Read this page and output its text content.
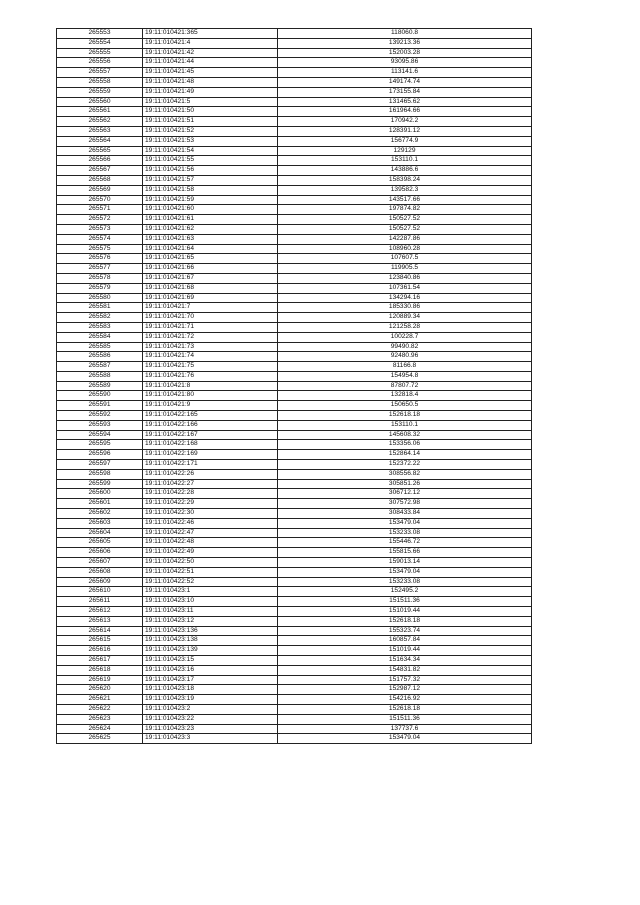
265553	19:11:010421:365	118060.8
265554	19:11:010421:4	139213.36
265555	19:11:010421:42	152003.28
265556	19:11:010421:44	93095.86
265557	19:11:010421:45	113141.6
265558	19:11:010421:48	149174.74
265559	19:11:010421:49	173155.84
265560	19:11:010421:5	131465.62
265561	19:11:010421:50	161964.66
265562	19:11:010421:51	170942.2
265563	19:11:010421:52	128391.12
265564	19:11:010421:53	156774.9
265565	19:11:010421:54	129129
265566	19:11:010421:55	153110.1
265567	19:11:010421:56	143886.6
265568	19:11:010421:57	158398.24
265569	19:11:010421:58	139582.3
265570	19:11:010421:59	143517.66
265571	19:11:010421:60	197874.82
265572	19:11:010421:61	150527.52
265573	19:11:010421:62	150527.52
265574	19:11:010421:63	142287.86
265575	19:11:010421:64	108960.28
265576	19:11:010421:65	107607.5
265577	19:11:010421:66	119905.5
265578	19:11:010421:67	123840.86
265579	19:11:010421:68	107361.54
265580	19:11:010421:69	134294.16
265581	19:11:010421:7	185330.86
265582	19:11:010421:70	120889.34
265583	19:11:010421:71	121258.28
265584	19:11:010421:72	100228.7
265585	19:11:010421:73	99490.82
265586	19:11:010421:74	92480.96
265587	19:11:010421:75	81166.8
265588	19:11:010421:76	154954.8
265589	19:11:010421:8	87807.72
265590	19:11:010421:80	132818.4
265591	19:11:010421:9	150650.5
265592	19:11:010422:165	152618.18
265593	19:11:010422:166	153110.1
265594	19:11:010422:167	145608.32
265595	19:11:010422:168	153356.06
265596	19:11:010422:169	152864.14
265597	19:11:010422:171	152372.22
265598	19:11:010422:26	308556.82
265599	19:11:010422:27	305851.26
265600	19:11:010422:28	306712.12
265601	19:11:010422:29	307572.98
265602	19:11:010422:30	308433.84
265603	19:11:010422:46	153479.04
265604	19:11:010422:47	153233.08
265605	19:11:010422:48	155446.72
265606	19:11:010422:49	155815.66
265607	19:11:010422:50	159013.14
265608	19:11:010422:51	153479.04
265609	19:11:010422:52	153233.08
265610	19:11:010423:1	152495.2
265611	19:11:010423:10	151511.36
265612	19:11:010423:11	151019.44
265613	19:11:010423:12	152618.18
265614	19:11:010423:136	155323.74
265615	19:11:010423:138	160857.84
265616	19:11:010423:139	151019.44
265617	19:11:010423:15	151634.34
265618	19:11:010423:16	154831.82
265619	19:11:010423:17	151757.32
265620	19:11:010423:18	152987.12
265621	19:11:010423:19	154216.92
265622	19:11:010423:2	152618.18
265623	19:11:010423:22	151511.36
265624	19:11:010423:23	137737.6
265625	19:11:010423:3	153479.04
